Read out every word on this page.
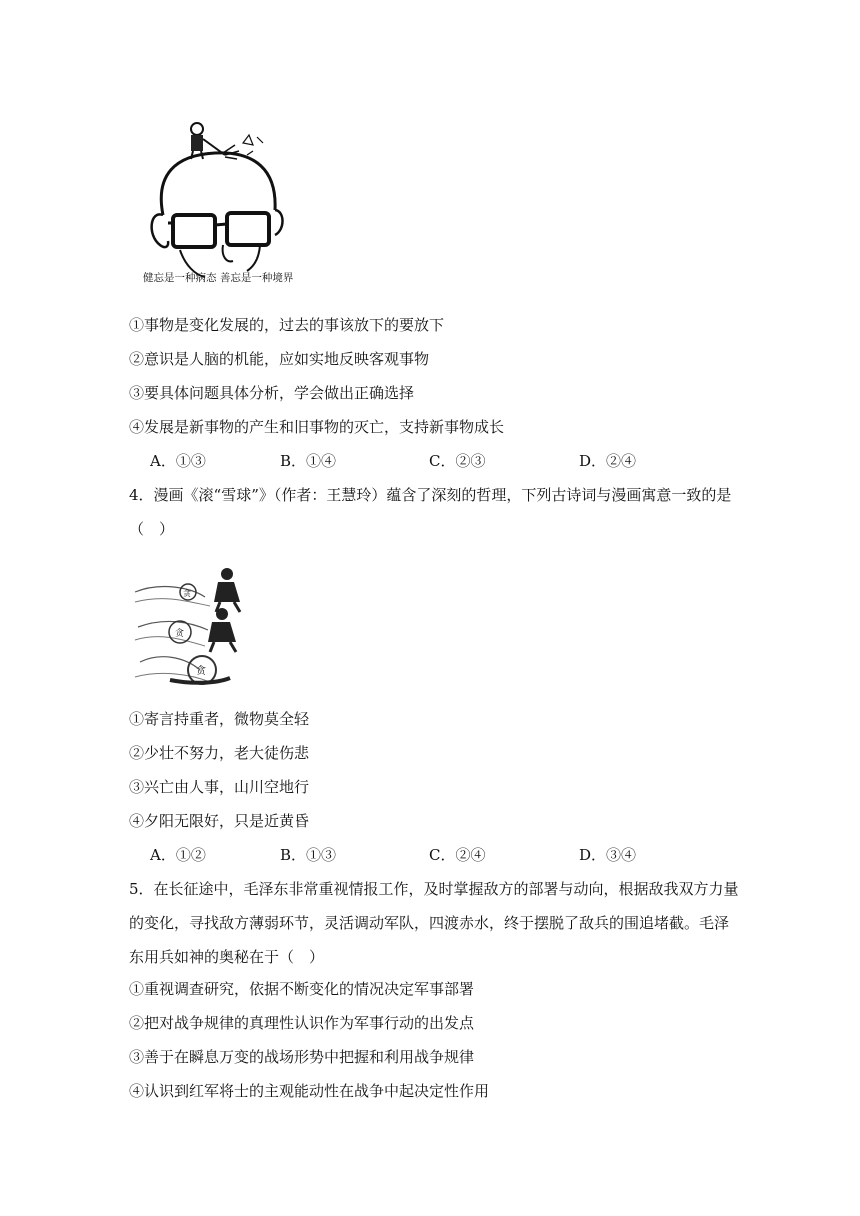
健忘是一种病态 善忘是一种境界
①事物是变化发展的，过去的事该放下的要放下
②意识是人脑的机能，应如实地反映客观事物
③要具体问题具体分析，学会做出正确选择
④发展是新事物的产生和旧事物的灭亡，支持新事物成长
A．①③	B．①④	C．②③	D．②④
4．漫画《滚“雪球”》（作者：王慧玲）蕴含了深刻的哲理，下列古诗词与漫画寓意一致的是（　）
贪
贪
贪
①寄言持重者，微物莫全轻
②少壮不努力，老大徒伤悲
③兴亡由人事，山川空地行
④夕阳无限好，只是近黄昏
A．①②	B．①③	C．②④	D．③④
5．在长征途中，毛泽东非常重视情报工作，及时掌握敌方的部署与动向，根据敌我双方力量的变化，寻找敌方薄弱环节，灵活调动军队，四渡赤水，终于摆脱了敌兵的围追堵截。毛泽东用兵如神的奥秘在于（　）
①重视调查研究，依据不断变化的情况决定军事部署
②把对战争规律的真理性认识作为军事行动的出发点
③善于在瞬息万变的战场形势中把握和利用战争规律
④认识到红军将士的主观能动性在战争中起决定性作用
